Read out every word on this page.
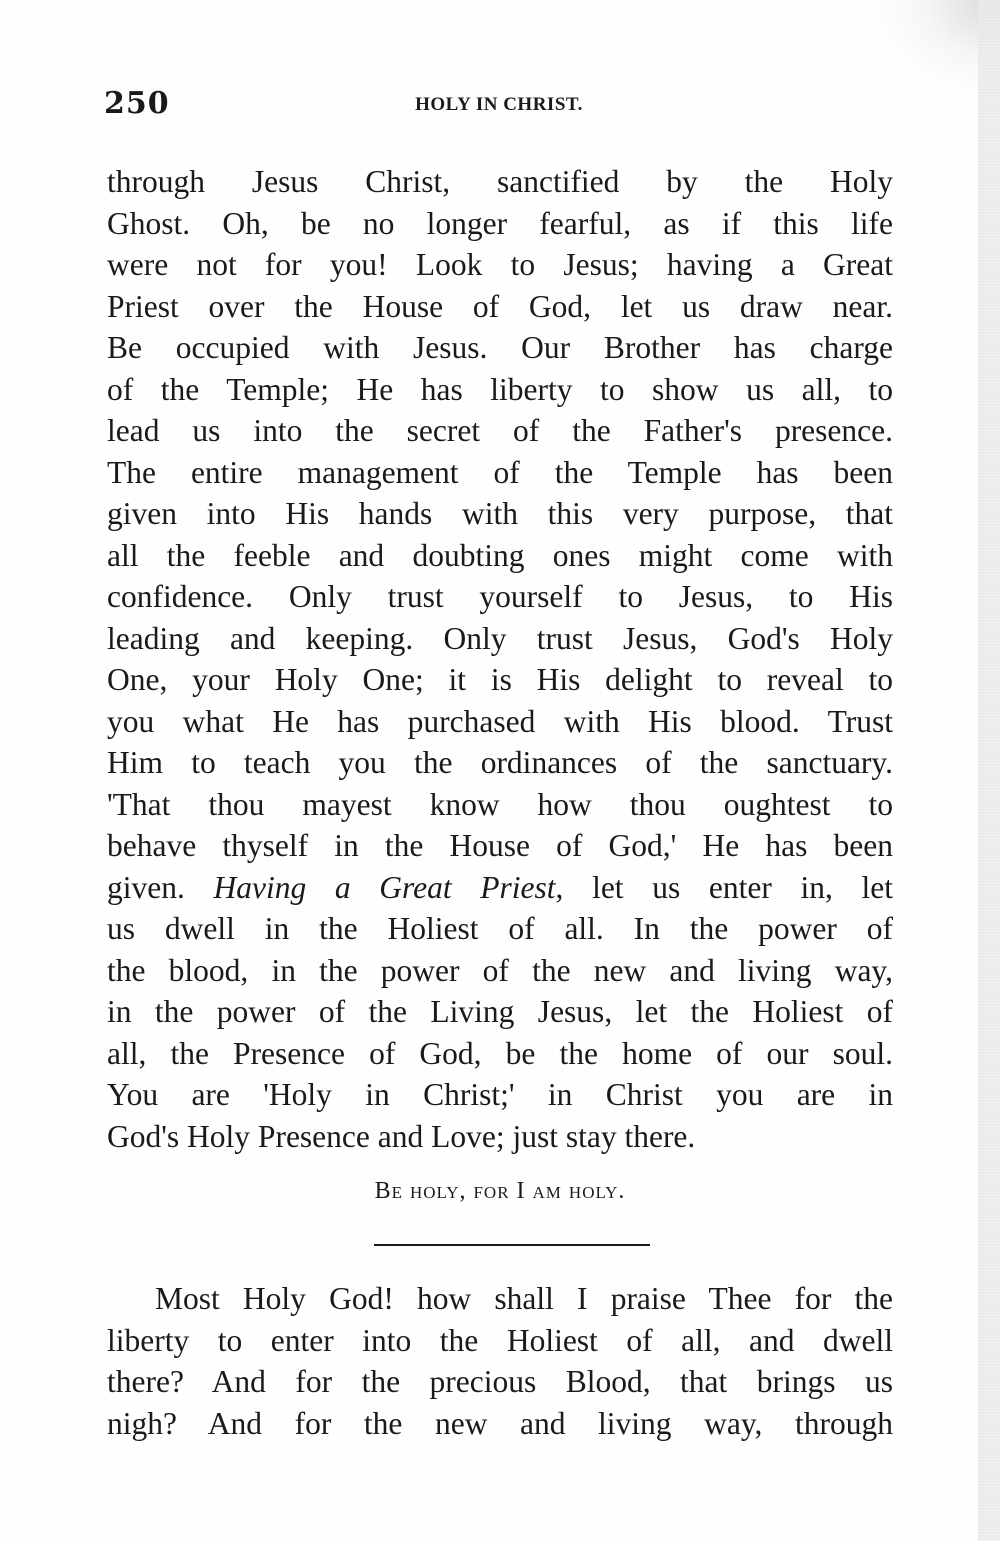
250	HOLY IN CHRIST.
through Jesus Christ, sanctified by the Holy
Ghost. Oh, be no longer fearful, as if this life
were not for you! Look to Jesus; having a Great
Priest over the House of God, let us draw near.
Be occupied with Jesus. Our Brother has charge
of the Temple; He has liberty to show us all, to
lead us into the secret of the Father's presence.
The entire management of the Temple has been
given into His hands with this very purpose, that
all the feeble and doubting ones might come with
confidence. Only trust yourself to Jesus, to His
leading and keeping. Only trust Jesus, God's Holy
One, your Holy One; it is His delight to reveal to
you what He has purchased with His blood. Trust
Him to teach you the ordinances of the sanctuary.
'That thou mayest know how thou oughtest to
behave thyself in the House of God,' He has been
given. Having a Great Priest, let us enter in, let
us dwell in the Holiest of all. In the power of
the blood, in the power of the new and living way,
in the power of the Living Jesus, let the Holiest of
all, the Presence of God, be the home of our soul.
You are 'Holy in Christ;' in Christ you are in
God's Holy Presence and Love; just stay there.
Be holy, for I am holy.
Most Holy God! how shall I praise Thee for the
liberty to enter into the Holiest of all, and dwell
there? And for the precious Blood, that brings us
nigh? And for the new and living way, through
